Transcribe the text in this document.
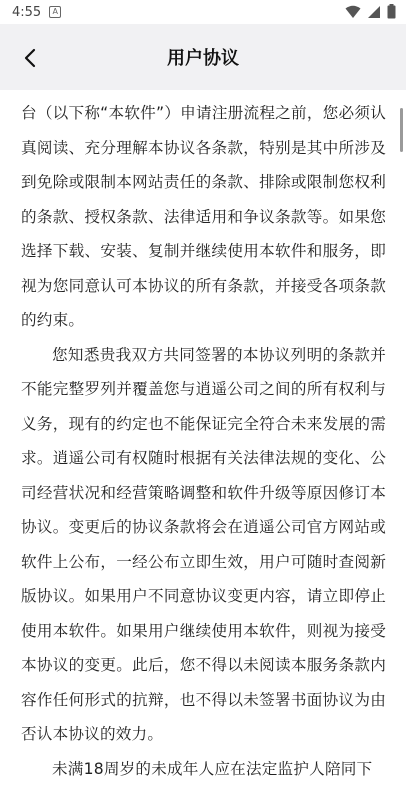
4:55	A
用户协议

台（以下称“本软件”）申请注册流程之前，您必须认真阅读、充分理解本协议各条款，特别是其中所涉及到免除或限制本网站责任的条款、排除或限制您权利的条款、授权条款、法律适用和争议条款等。如果您选择下载、安装、复制并继续使用本软件和服务，即视为您同意认可本协议的所有条款，并接受各项条款的约束。

您知悉贵我双方共同签署的本协议列明的条款并不能完整罗列并覆盖您与逍遥公司之间的所有权利与义务，现有的约定也不能保证完全符合未来发展的需求。逍遥公司有权随时根据有关法律法规的变化、公司经营状况和经营策略调整和软件升级等原因修订本协议。变更后的协议条款将会在逍遥公司官方网站或软件上公布，一经公布立即生效，用户可随时查阅新版协议。如果用户不同意协议变更内容，请立即停止使用本软件。如果用户继续使用本软件，则视为接受本协议的变更。此后，您不得以未阅读本服务条款内容作任何形式的抗辩，也不得以未签署书面协议为由否认本协议的效力。

未满18周岁的未成年人应在法定监护人陪同下
